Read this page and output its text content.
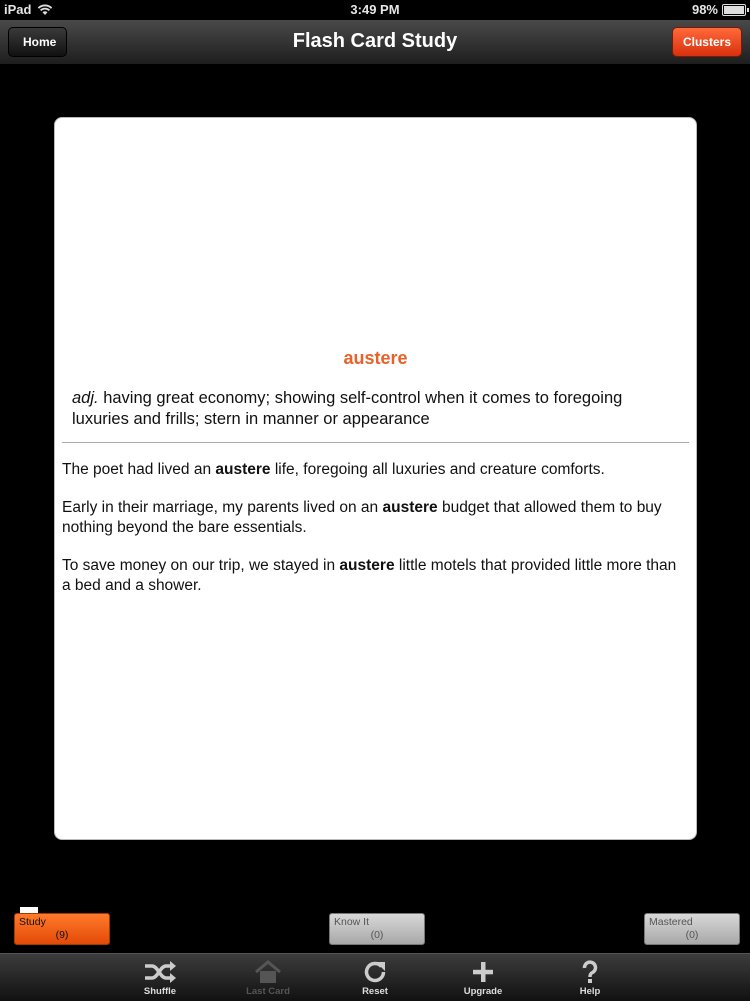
iPad	3:49 PM	98%
Home	Flash Card Study	Clusters
austere
adj. having great economy; showing self-control when it comes to foregoing luxuries and frills; stern in manner or appearance

The poet had lived an austere life, foregoing all luxuries and creature comforts.

Early in their marriage, my parents lived on an austere budget that allowed them to buy nothing beyond the bare essentials.

To save money on our trip, we stayed in austere little motels that provided little more than a bed and a shower.

Study
(9)
Know It
(0)
Mastered
(0)
Shuffle	Last Card	Reset	Upgrade	Help
